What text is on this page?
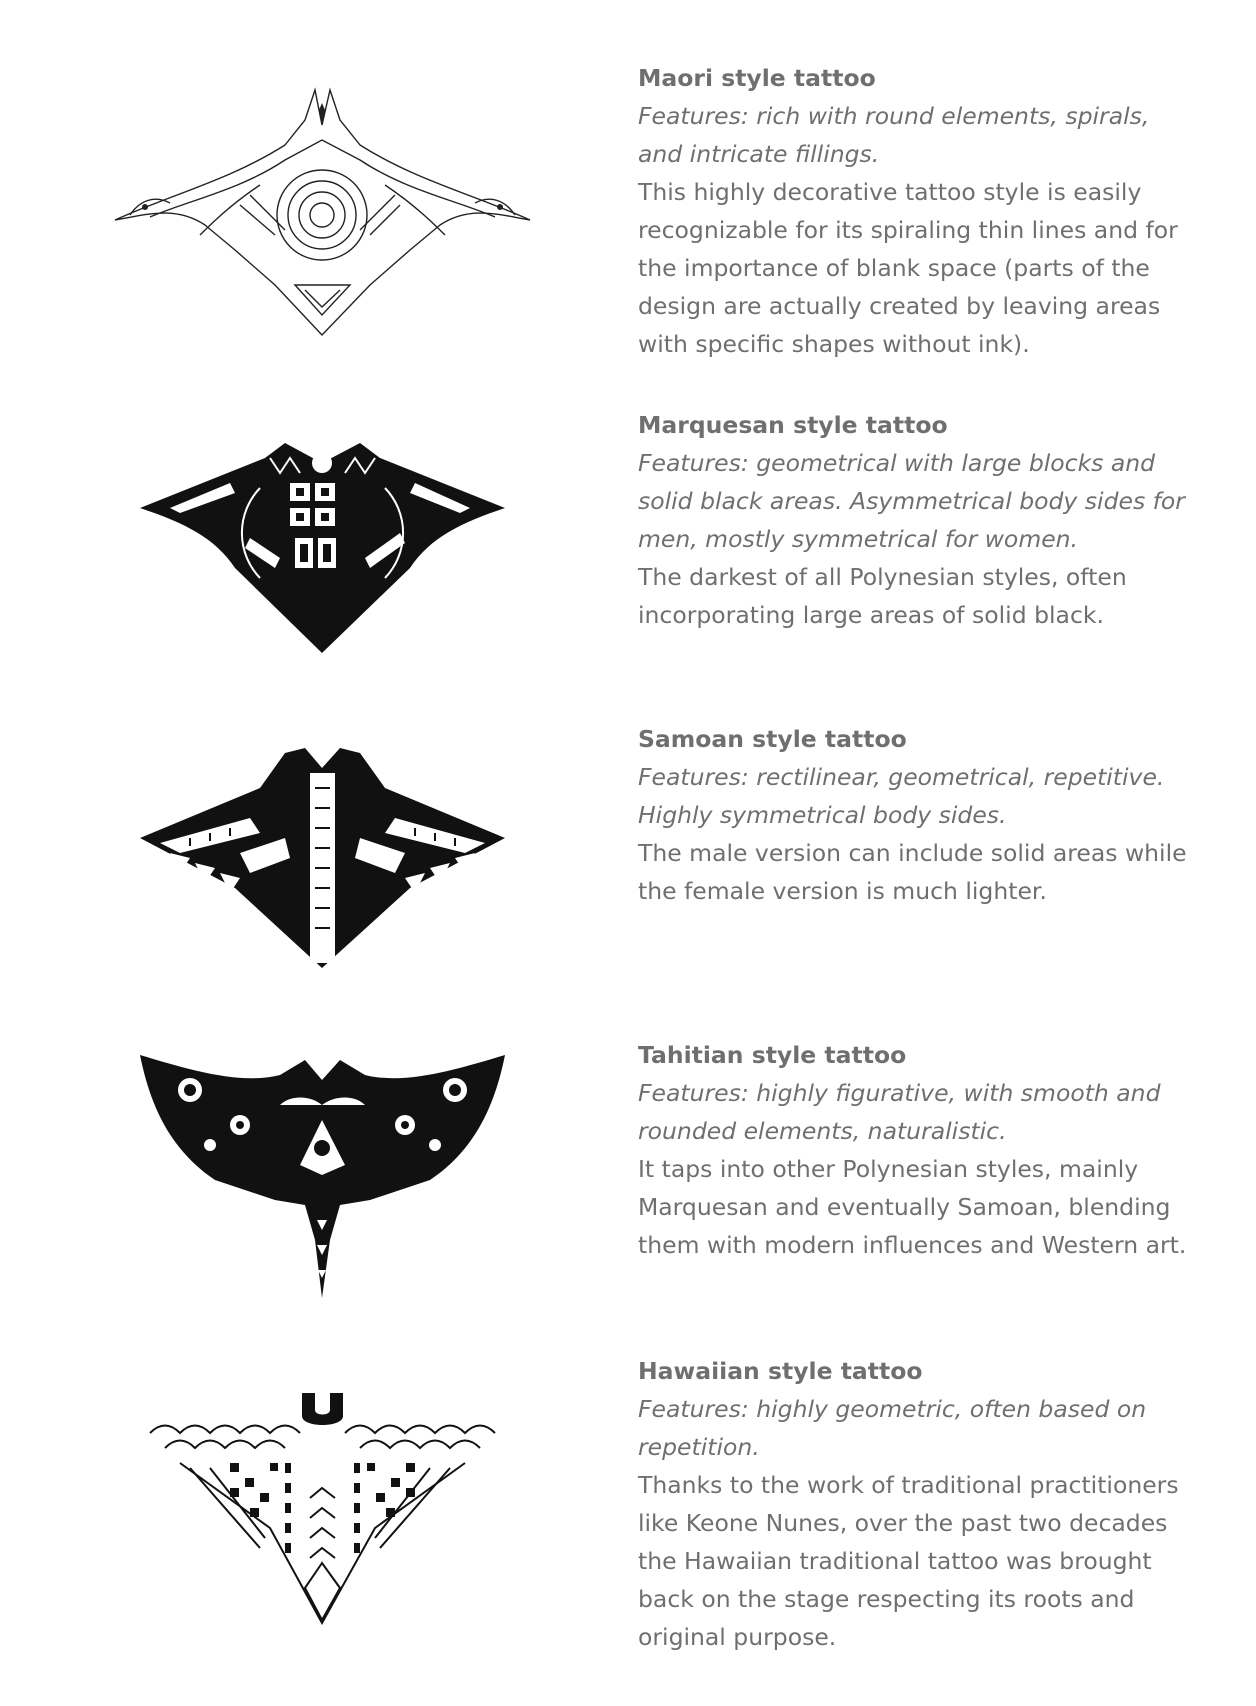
Maori style tattoo
Features: rich with round elements, spirals, and intricate fillings.
This highly decorative tattoo style is easily recognizable for its spiraling thin lines and for the importance of blank space (parts of the design are actually created by leaving areas with specific shapes without ink).
Marquesan style tattoo
Features: geometrical with large blocks and solid black areas. Asymmetrical body sides for men, mostly symmetrical for women.
The darkest of all Polynesian styles, often incorporating large areas of solid black.
Samoan style tattoo
Features: rectilinear, geometrical, repetitive. Highly symmetrical body sides.
The male version can include solid areas while the female version is much lighter.
Tahitian style tattoo
Features: highly figurative, with smooth and rounded elements, naturalistic.
It taps into other Polynesian styles, mainly Marquesan and eventually Samoan, blending them with modern influences and Western art.
Hawaiian style tattoo
Features: highly geometric, often based on repetition.
Thanks to the work of traditional practitioners like Keone Nunes, over the past two decades the Hawaiian traditional tattoo was brought back on the stage respecting its roots and original purpose.
